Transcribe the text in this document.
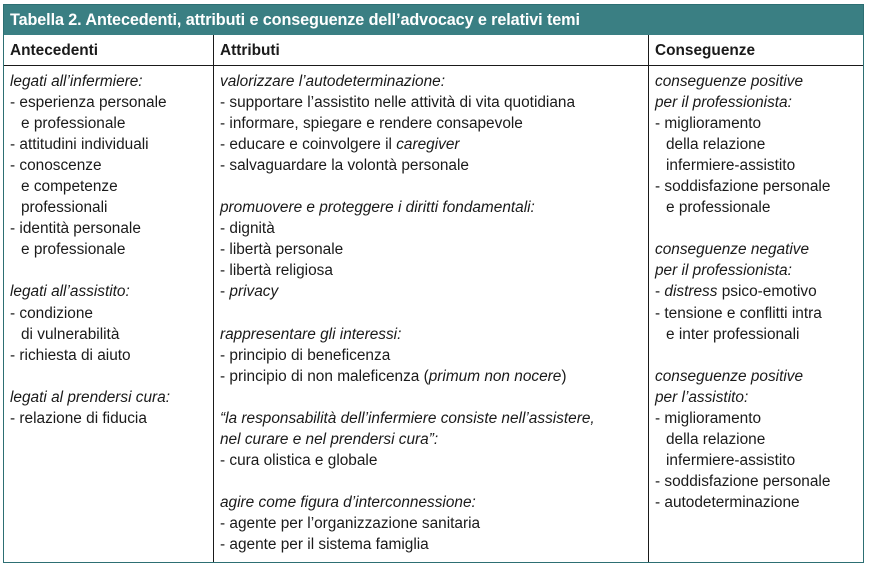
Tabella 2. Antecedenti, attributi e conseguenze dell’advocacy e relativi temi
Antecedenti	Attributi	Conseguenze
legati all’infermiere:
- esperienza personale
e professionale
- attitudini individuali
- conoscenze
e competenze
professionali
- identità personale
e professionale
legati all’assistito:
- condizione
di vulnerabilità
- richiesta di aiuto
legati al prendersi cura:
- relazione di fiducia
valorizzare l’autodeterminazione:
- supportare l’assistito nelle attività di vita quotidiana
- informare, spiegare e rendere consapevole
- educare e coinvolgere il caregiver
- salvaguardare la volontà personale
promuovere e proteggere i diritti fondamentali:
- dignità
- libertà personale
- libertà religiosa
- privacy
rappresentare gli interessi:
- principio di beneficenza
- principio di non maleficenza (primum non nocere)
“la responsabilità dell’infermiere consiste nell’assistere,
nel curare e nel prendersi cura”:
- cura olistica e globale
agire come figura d’interconnessione:
- agente per l’organizzazione sanitaria
- agente per il sistema famiglia
conseguenze positive
per il professionista:
- miglioramento
della relazione
infermiere-assistito
- soddisfazione personale
e professionale
conseguenze negative
per il professionista:
- distress psico-emotivo
- tensione e conflitti intra
e inter professionali
conseguenze positive
per l’assistito:
- miglioramento
della relazione
infermiere-assistito
- soddisfazione personale
- autodeterminazione
